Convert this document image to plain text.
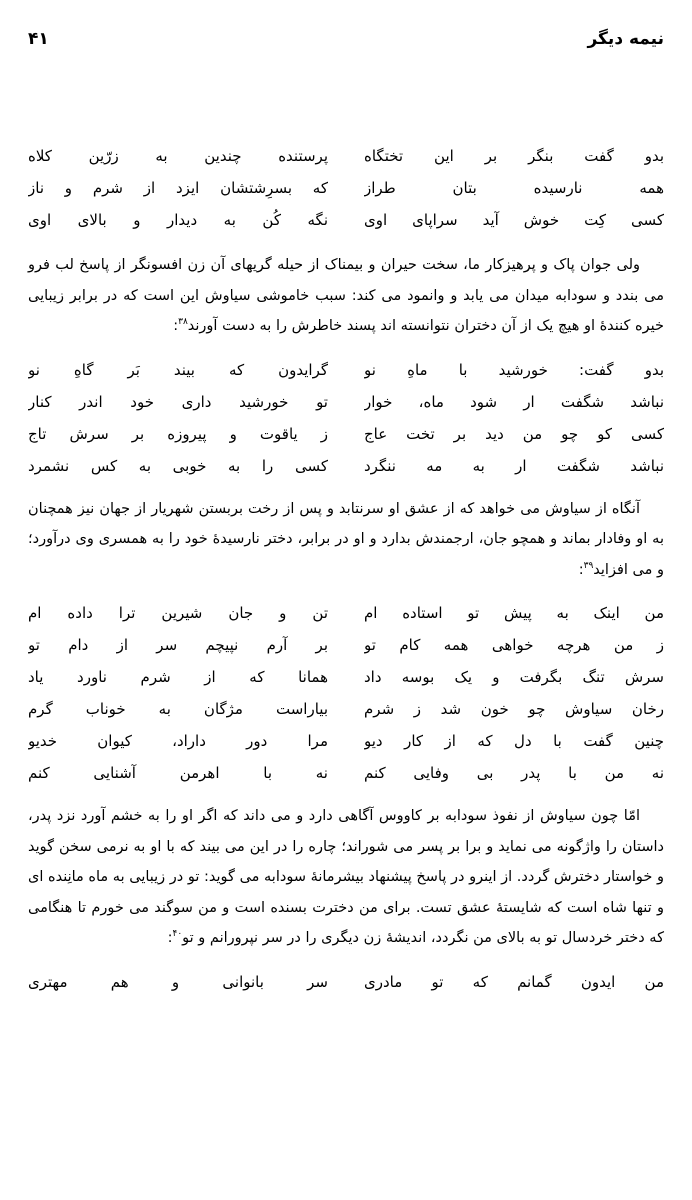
نیمه دیگر
۴۱
بدو گفت بنگر بر این تختگاه
پرستنده چندین به زرّین کلاه
همه نارسیده بتان طراز
که بسرِشتشان ایزد از شرم و ناز
کسی کِت خوش آید سراپای اوی
نگه کُن به دیدار و بالای اوی

ولی جوان پاک و پرهیزکار ما، سخت حیران و بیمناک از حیله گریهای آن زن افسونگر از پاسخ لب فرو می بندد و سودابه میدان می یابد و وانمود می کند: سبب خاموشی سیاوش این است که در برابر زیبایی خیره کنندهٔ او هیچ یک از آن دختران نتوانسته اند پسند خاطرش را به دست آورند$^{۳۸}$:

بدو گفت: خورشید با ماهِ نو
گرایدون که بیند بَر گاهِ نو
نباشد شگفت ار شود ماه، خوار
تو خورشید داری خود اندر کنار
کسی کو چو من دید بر تخت عاج
ز یاقوت و پیروزه بر سرش تاج
نباشد شگفت ار به مه ننگرد
کسی را به خوبی به کس نشمرد

آنگاه از سیاوش می خواهد که از عشق او سرنتابد و پس از رخت بربستن شهریار از جهان نیز همچنان به او وفادار بماند و همچو جان، ارجمندش بدارد و او در برابر، دختر نارسیدهٔ خود را به همسری وی درآورد؛ و می افزاید$^{۳۹}$:

من اینک به پیش تو استاده ام
تن و جان شیرین ترا داده ام
ز من هرچه خواهی همه کام تو
بر آرم نپیچم سر از دام تو
سرش تنگ بگرفت و یک بوسه داد
همانا که از شرم ناورد یاد
رخان سیاوش چو خون شد ز شرم
بیاراست مژگان به خوناب گرم
چنین گفت با دل که از کار دیو
مرا دور داراد، کیوان خدیو
نه من با پدر بی وفایی کنم
نه با اهرمن آشنایی کنم

امّا چون سیاوش از نفوذ سودابه بر کاووس آگاهی دارد و می داند که اگر او را به خشم آورد نزد پدر، داستان را واژگونه می نماید و برا بر پسر می شوراند؛ چاره را در این می بیند که با او به نرمی سخن گوید و خواستار دخترش گردد. از اینرو در پاسخ پیشنهاد بیشرمانهٔ سودابه می گوید: تو در زیبایی به ماه مانِنده ای و تنها شاه است که شایستهٔ عشق تست. برای من دخترت بسنده است و من سوگند می خورم تا هنگامی که دختر خردسال تو به بالای من نگردد، اندیشهٔ زن دیگری را در سر نپرورانم و تو$^{۴۰}$:

من ایدون گمانم که تو مادری
سر بانوانی و هم مهتری
